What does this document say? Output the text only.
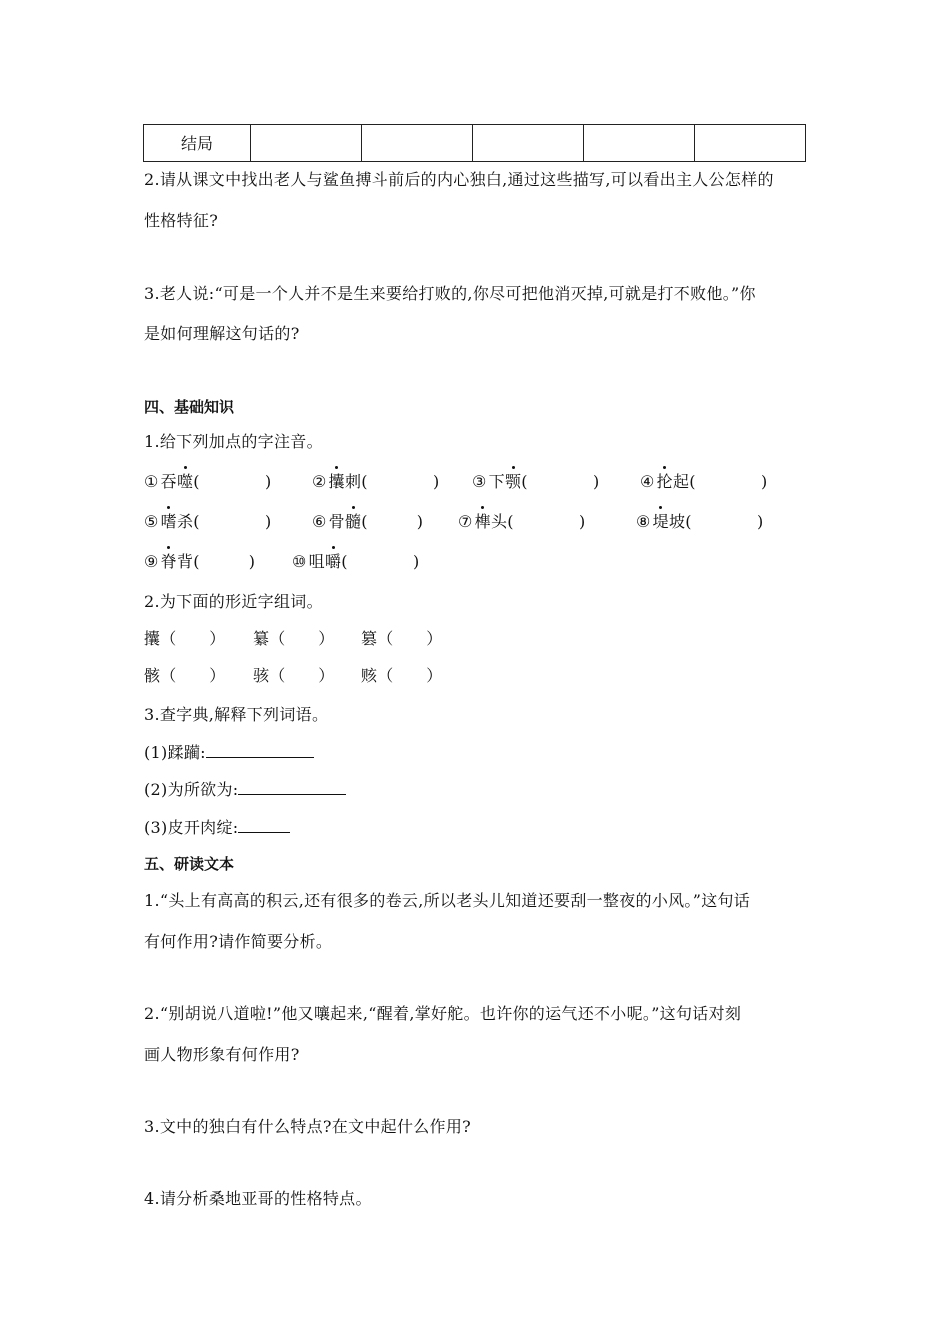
结局					
2.请从课文中找出老人与鲨鱼搏斗前后的内心独白,通过这些描写,可以看出主人公怎样的
性格特征?
3.老人说:“可是一个人并不是生来要给打败的,你尽可把他消灭掉,可就是打不败他。”你
是如何理解这句话的?
四、基础知识
1.给下列加点的字注音。
① 吞噬(　　　　)	② 攮刺(　　　　) ③ 下颚(　　　　)	④ 抡起(　　　　)
⑤ 嗜杀(　　　　)	⑥ 骨髓(　　　) ⑦ 榫头(　　　　)	⑧ 堤坡(　　　　)
⑨ 脊背(　　　) ⑩ 咀嚼(　　　　)
2.为下面的形近字组词。
攮（　　） 纂（　　） 篡（　　）
骸（　　） 骇（　　） 赅（　　）
3.查字典,解释下列词语。
(1)蹂躏:
(2)为所欲为:
(3)皮开肉绽:
五、研读文本
1.“头上有高高的积云,还有很多的卷云,所以老头儿知道还要刮一整夜的小风。”这句话
有何作用?请作简要分析。
2.“别胡说八道啦!”他又嚷起来,“醒着,掌好舵。也许你的运气还不小呢。”这句话对刻
画人物形象有何作用?
3.文中的独白有什么特点?在文中起什么作用?
4.请分析桑地亚哥的性格特点。
